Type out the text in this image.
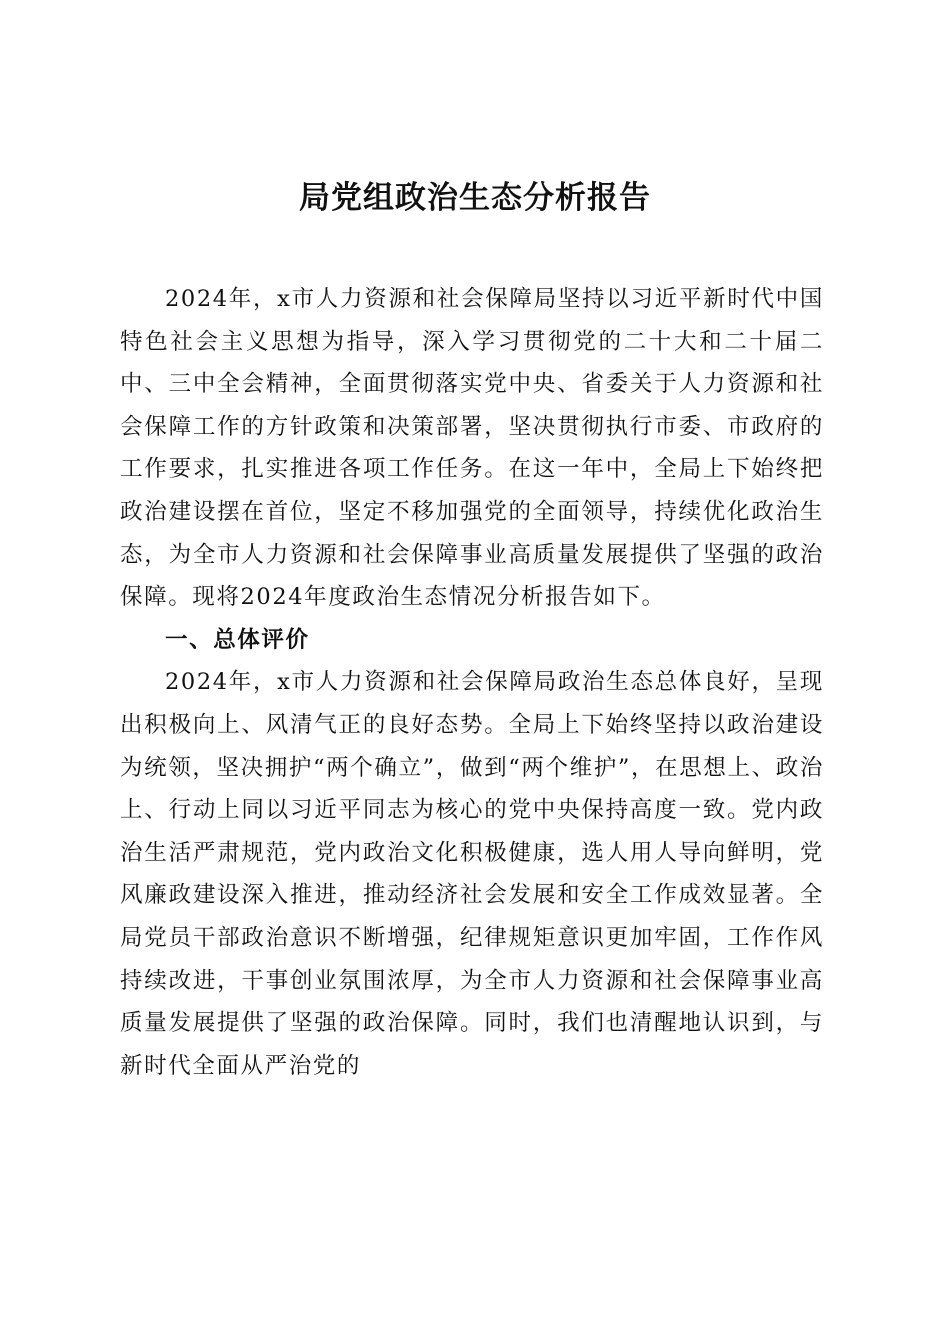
局党组政治生态分析报告

2024年，x市人力资源和社会保障局坚持以习近平新时代中国特色社会主义思想为指导，深入学习贯彻党的二十大和二十届二中、三中全会精神，全面贯彻落实党中央、省委关于人力资源和社会保障工作的方针政策和决策部署，坚决贯彻执行市委、市政府的工作要求，扎实推进各项工作任务。在这一年中，全局上下始终把政治建设摆在首位，坚定不移加强党的全面领导，持续优化政治生态，为全市人力资源和社会保障事业高质量发展提供了坚强的政治保障。现将2024年度政治生态情况分析报告如下。

一、总体评价

2024年，x市人力资源和社会保障局政治生态总体良好，呈现出积极向上、风清气正的良好态势。全局上下始终坚持以政治建设为统领，坚决拥护“两个确立”，做到“两个维护”，在思想上、政治上、行动上同以习近平同志为核心的党中央保持高度一致。党内政治生活严肃规范，党内政治文化积极健康，选人用人导向鲜明，党风廉政建设深入推进，推动经济社会发展和安全工作成效显著。全局党员干部政治意识不断增强，纪律规矩意识更加牢固，工作作风持续改进，干事创业氛围浓厚，为全市人力资源和社会保障事业高质量发展提供了坚强的政治保障。同时，我们也清醒地认识到，与新时代全面从严治党的
